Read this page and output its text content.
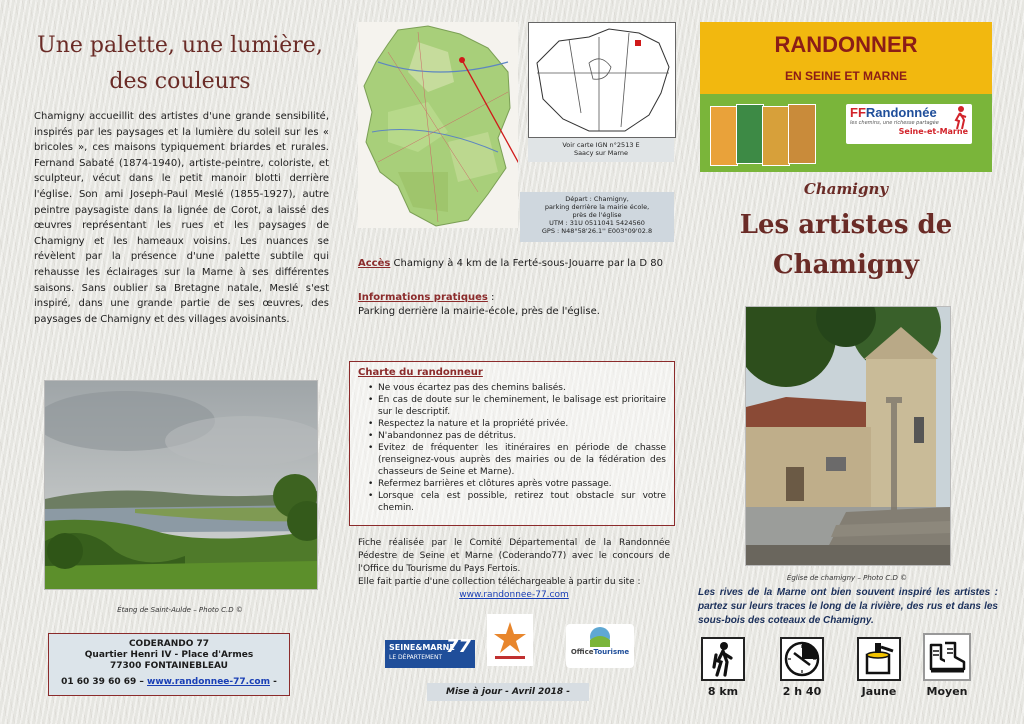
Une palette, une lumière,
des couleurs
Chamigny accueillit des artistes d'une grande sensibilité, inspirés par les paysages et la lumière du soleil sur les « bricoles », ces maisons typiquement briardes et rurales. Fernand Sabaté (1874-1940), artiste-peintre, coloriste, et sculpteur, vécut dans le petit manoir blotti derrière l'église. Son ami Joseph-Paul Meslé (1855-1927), autre peintre paysagiste dans la lignée de Corot, a laissé des œuvres représentant les rues et les paysages de Chamigny et les hameaux voisins. Les nuances se révèlent par la présence d'une palette subtile qui rehausse les éclairages sur la Marne à ses différentes saisons. Sans oublier sa Bretagne natale, Meslé s'est inspiré, dans une grande partie de ses œuvres, des paysages de Chamigny et des villages avoisinants.
Étang de Saint-Aulde – Photo C.D ©
CODERANDO 77
Quartier Henri IV - Place d'Armes
77300 FONTAINEBLEAU
01 60 39 60 69 – www.randonnee-77.com -
Voir carte IGN n°2513 E
Saacy sur Marne
Départ : Chamigny,
parking derrière la mairie école,
près de l'église
UTM : 31U 0511041 5424560
GPS : N48°58'26.1'' E003°09'02.8
Accès Chamigny à 4 km de la Ferté-sous-Jouarre par la D 80
Informations pratiques :
Parking derrière la mairie-école, près de l'église.
Charte du randonneur
• Ne vous écartez pas des chemins balisés.
• En cas de doute sur le cheminement, le balisage est prioritaire sur le descriptif.
• Respectez la nature et la propriété privée.
• N'abandonnez pas de détritus.
• Evitez de fréquenter les itinéraires en période de chasse (renseignez-vous auprès des mairies ou de la fédération des chasseurs de Seine et Marne).
• Refermez barrières et clôtures après votre passage.
• Lorsque cela est possible, retirez tout obstacle sur votre chemin.
Fiche réalisée par le Comité Départemental de la Randonnée Pédestre de Seine et Marne (Coderando77) avec le concours de l'Office du Tourisme du Pays Fertois.
Elle fait partie d'une collection téléchargeable à partir du site :
www.randonnee-77.com
SEINE&MARNE
LE DÉPARTEMENT
77	OfficeTourisme
Mise à jour - Avril 2018 -
RANDONNER
EN SEINE ET MARNE
FFRandonnée
les chemins, une richesse partagée
Seine-et-Marne
Chamigny
Les artistes de
Chamigny
Église de chamigny – Photo C.D ©
Les rives de la Marne ont bien souvent inspiré les artistes : partez sur leurs traces le long de la rivière, des rus et dans les sous-bois des coteaux de Chamigny.
8 km	2 h 40	Jaune	Moyen
